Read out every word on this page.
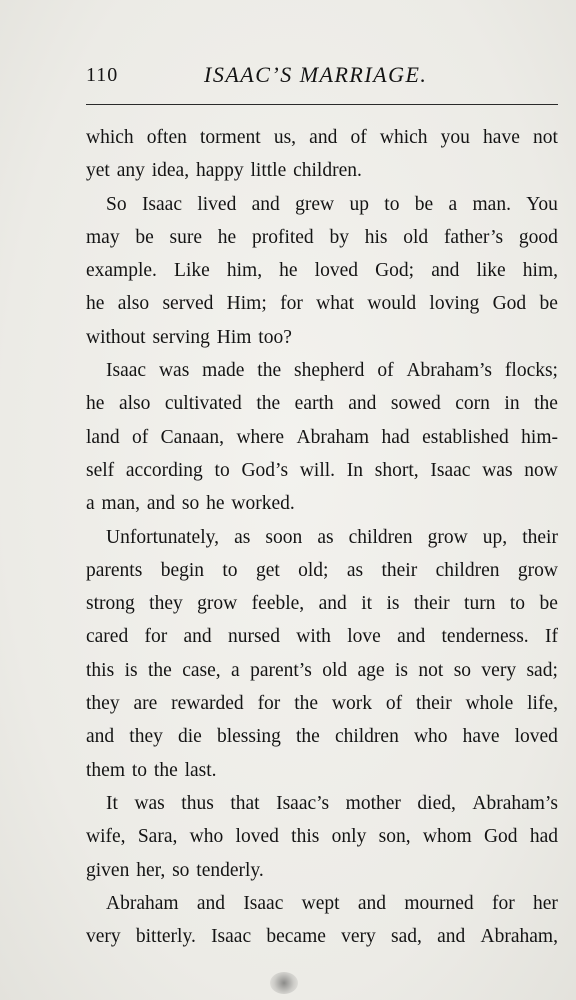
110	ISAAC’S MARRIAGE.
which often torment us, and of which you have not
yet any idea, happy little children.
So Isaac lived and grew up to be a man. You
may be sure he profited by his old father’s good
example. Like him, he loved God; and like him,
he also served Him; for what would loving God be
without serving Him too?
Isaac was made the shepherd of Abraham’s flocks;
he also cultivated the earth and sowed corn in the
land of Canaan, where Abraham had established him-
self according to God’s will. In short, Isaac was now
a man, and so he worked.
Unfortunately, as soon as children grow up, their
parents begin to get old; as their children grow
strong they grow feeble, and it is their turn to be
cared for and nursed with love and tenderness. If
this is the case, a parent’s old age is not so very sad;
they are rewarded for the work of their whole life,
and they die blessing the children who have loved
them to the last.
It was thus that Isaac’s mother died, Abraham’s
wife, Sara, who loved this only son, whom God had
given her, so tenderly.
Abraham and Isaac wept and mourned for her
very bitterly. Isaac became very sad, and Abraham,
